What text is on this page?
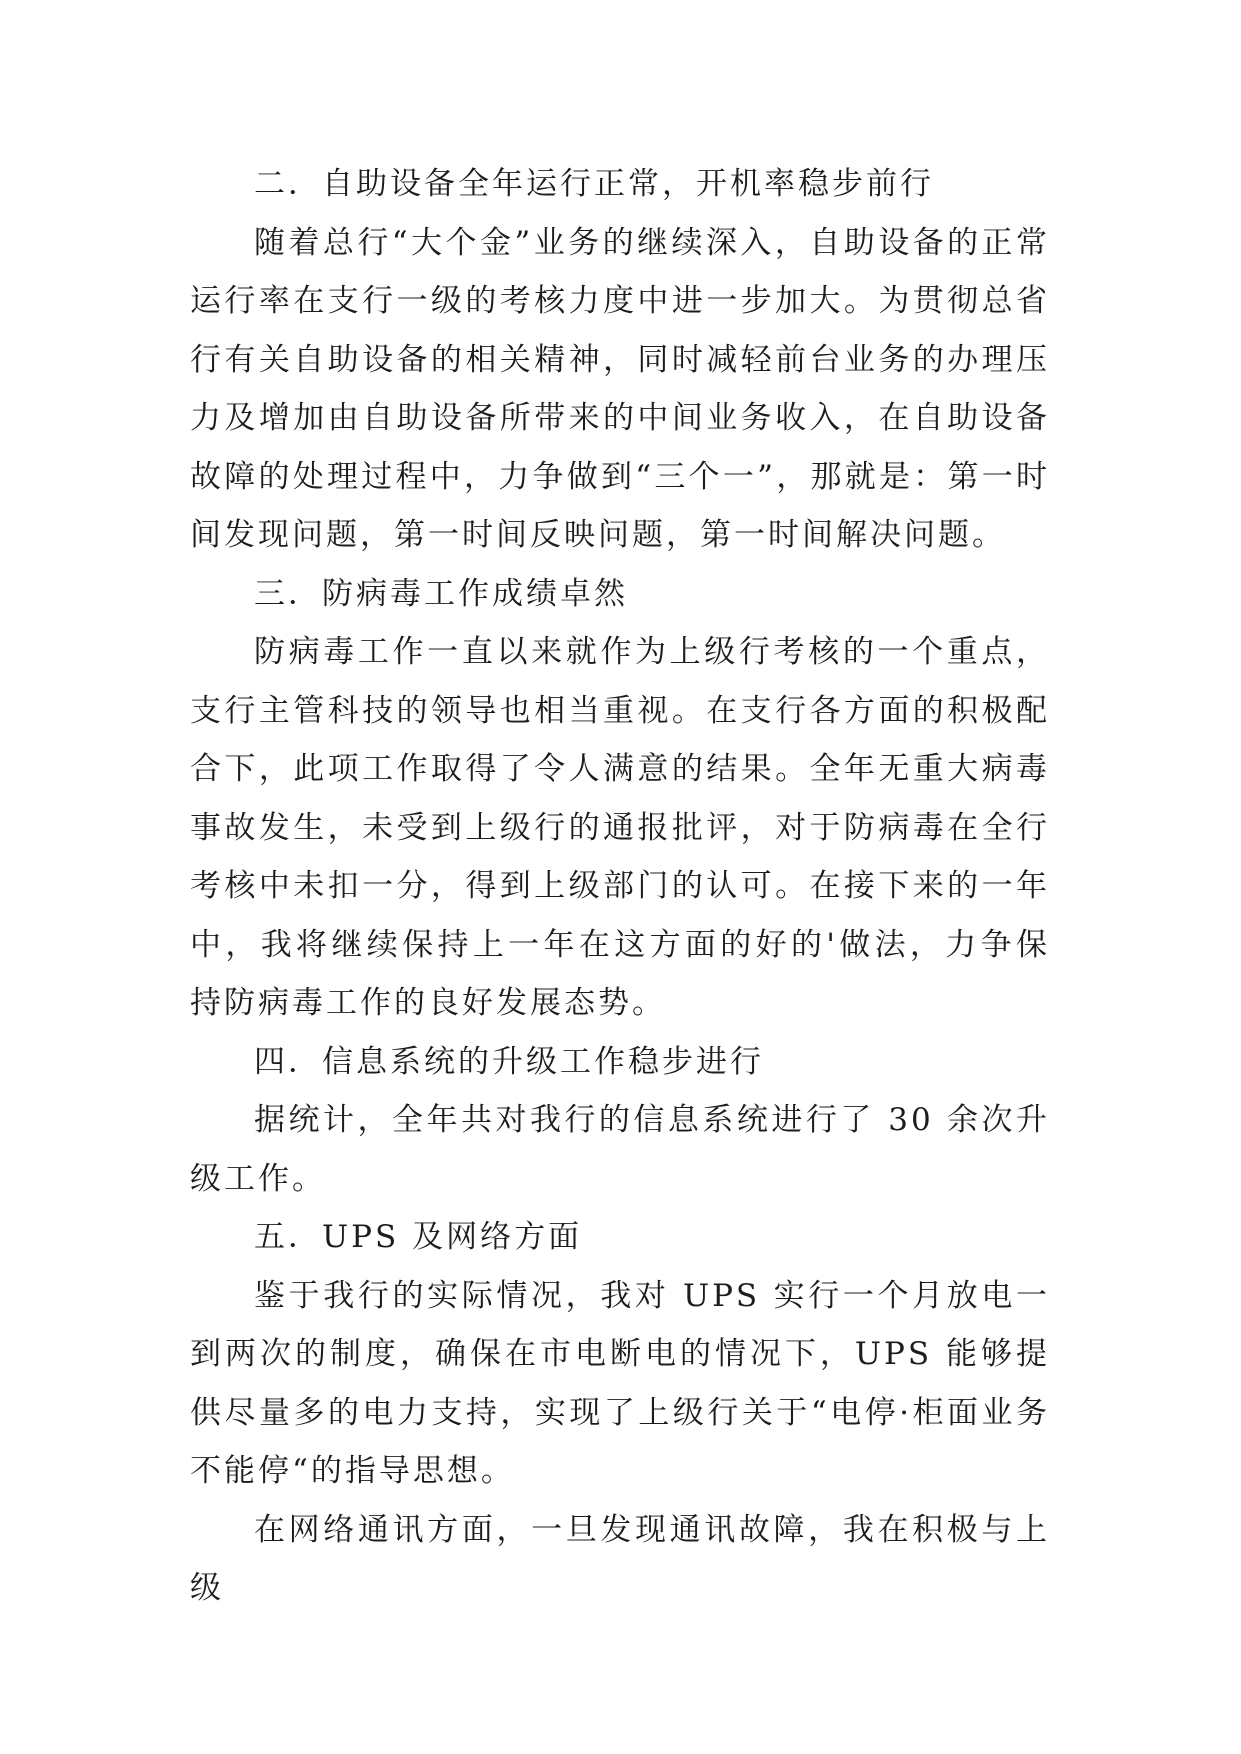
二．自助设备全年运行正常，开机率稳步前行

随着总行“大个金”业务的继续深入，自助设备的正常运行率在支行一级的考核力度中进一步加大。为贯彻总省行有关自助设备的相关精神，同时减轻前台业务的办理压力及增加由自助设备所带来的中间业务收入，在自助设备故障的处理过程中，力争做到“三个一”，那就是：第一时间发现问题，第一时间反映问题，第一时间解决问题。

三．防病毒工作成绩卓然

防病毒工作一直以来就作为上级行考核的一个重点，支行主管科技的领导也相当重视。在支行各方面的积极配合下，此项工作取得了令人满意的结果。全年无重大病毒事故发生，未受到上级行的通报批评，对于防病毒在全行考核中未扣一分，得到上级部门的认可。在接下来的一年中，我将继续保持上一年在这方面的好的'做法，力争保持防病毒工作的良好发展态势。

四．信息系统的升级工作稳步进行

据统计，全年共对我行的信息系统进行了 30 余次升级工作。

五．UPS 及网络方面

鉴于我行的实际情况，我对 UPS 实行一个月放电一到两次的制度，确保在市电断电的情况下，UPS 能够提供尽量多的电力支持，实现了上级行关于“电停·柜面业务不能停“的指导思想。

在网络通讯方面，一旦发现通讯故障，我在积极与上级
